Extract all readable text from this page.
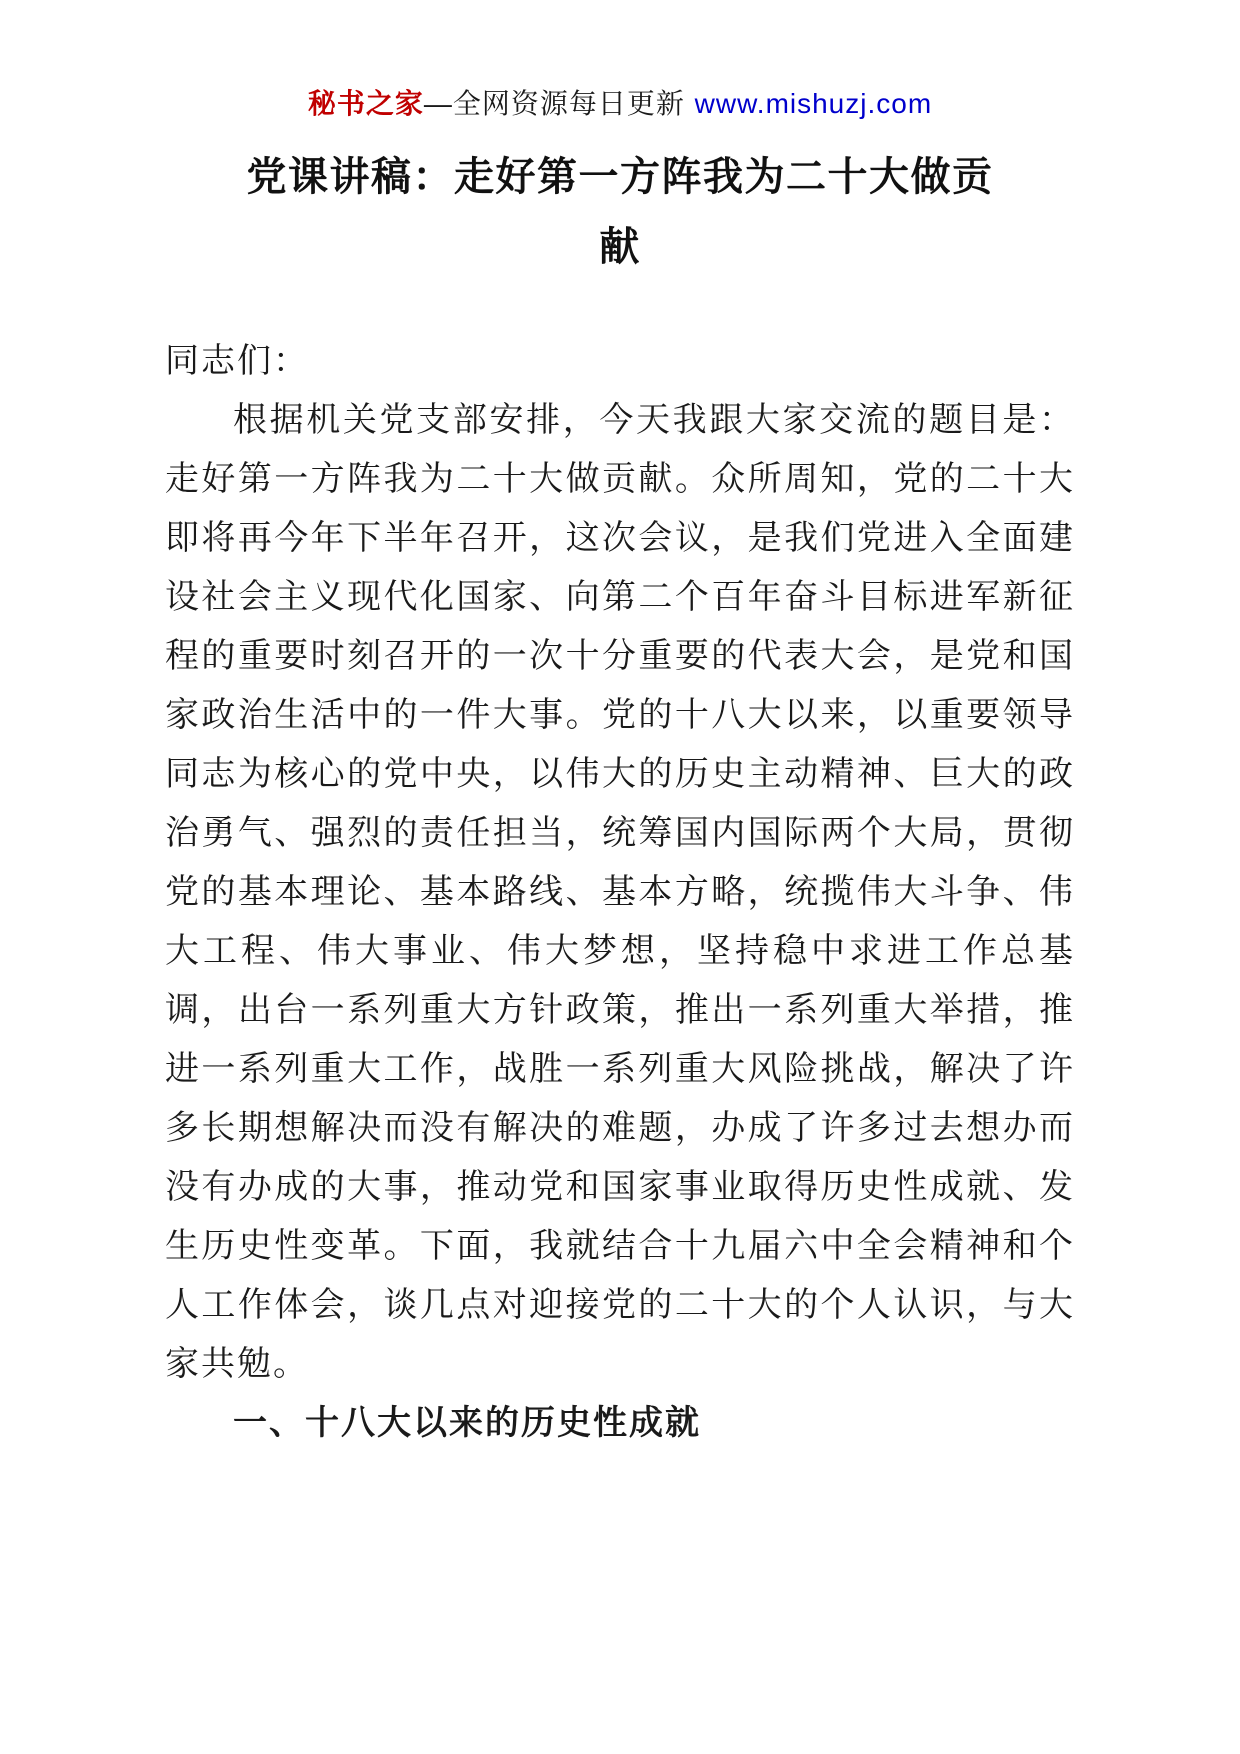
秘书之家—全网资源每日更新 www.mishuzj.com
党课讲稿：走好第一方阵我为二十大做贡献

同志们：

根据机关党支部安排，今天我跟大家交流的题目是：走好第一方阵我为二十大做贡献。众所周知，党的二十大即将再今年下半年召开，这次会议，是我们党进入全面建设社会主义现代化国家、向第二个百年奋斗目标进军新征程的重要时刻召开的一次十分重要的代表大会，是党和国家政治生活中的一件大事。党的十八大以来，以重要领导同志为核心的党中央，以伟大的历史主动精神、巨大的政治勇气、强烈的责任担当，统筹国内国际两个大局，贯彻党的基本理论、基本路线、基本方略，统揽伟大斗争、伟大工程、伟大事业、伟大梦想，坚持稳中求进工作总基调，出台一系列重大方针政策，推出一系列重大举措，推进一系列重大工作，战胜一系列重大风险挑战，解决了许多长期想解决而没有解决的难题，办成了许多过去想办而没有办成的大事，推动党和国家事业取得历史性成就、发生历史性变革。下面，我就结合十九届六中全会精神和个人工作体会，谈几点对迎接党的二十大的个人认识，与大家共勉。

一、十八大以来的历史性成就
